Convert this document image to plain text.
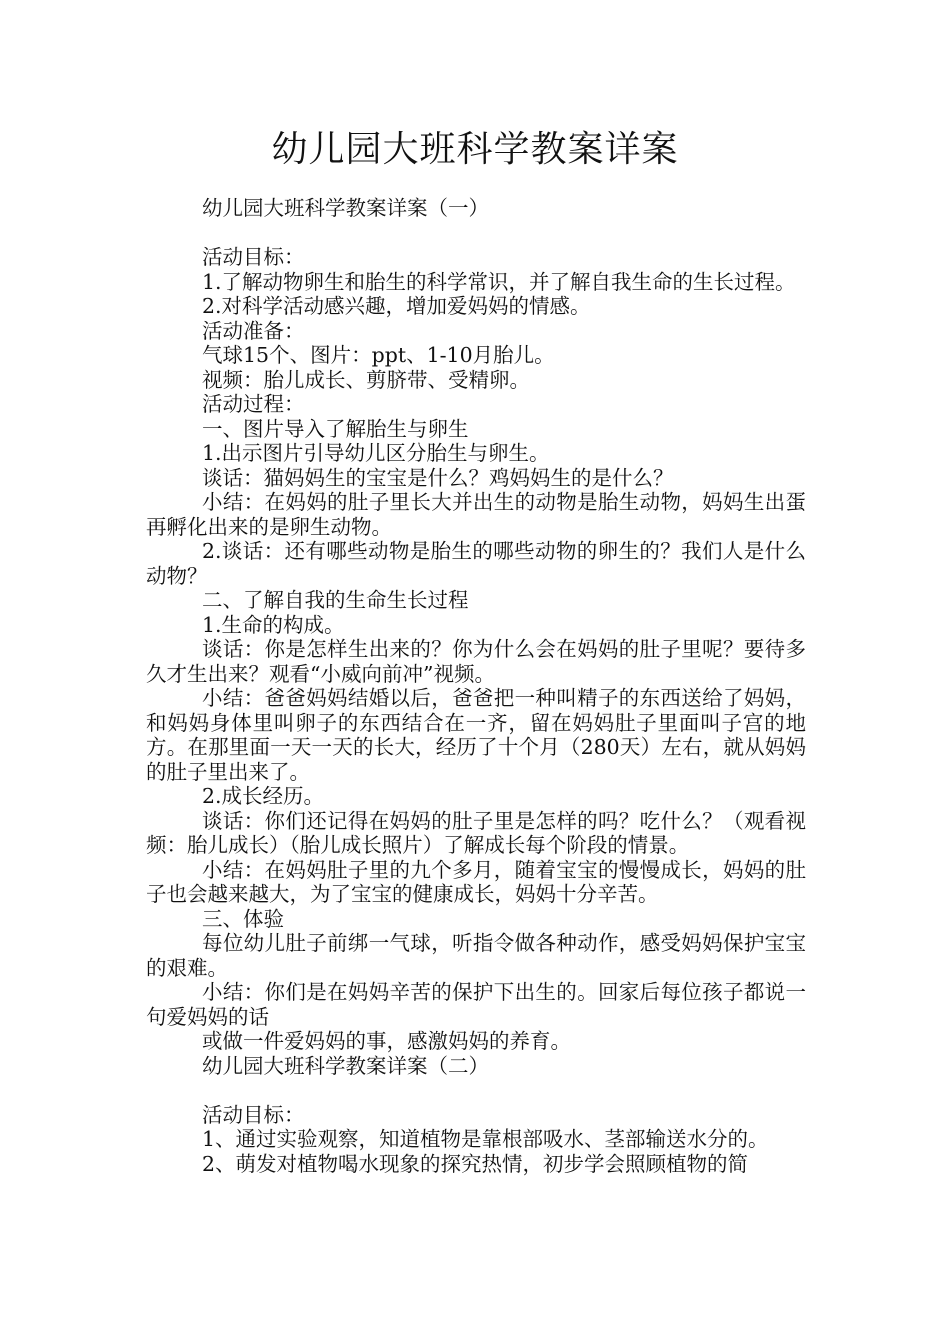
幼儿园大班科学教案详案

幼儿园大班科学教案详案（一）

活动目标：

1.了解动物卵生和胎生的科学常识，并了解自我生命的生长过程。

2.对科学活动感兴趣，增加爱妈妈的情感。

活动准备：

气球15个、图片：ppt、1-10月胎儿。

视频：胎儿成长、剪脐带、受精卵。

活动过程：

一、图片导入了解胎生与卵生

1.出示图片引导幼儿区分胎生与卵生。

谈话：猫妈妈生的宝宝是什么？鸡妈妈生的是什么？

小结：在妈妈的肚子里长大并出生的动物是胎生动物，妈妈生出蛋再孵化出来的是卵生动物。

2.谈话：还有哪些动物是胎生的哪些动物的卵生的？我们人是什么动物？

二、了解自我的生命生长过程

1.生命的构成。

谈话：你是怎样生出来的？你为什么会在妈妈的肚子里呢？要待多久才生出来？观看“小威向前冲”视频。

小结：爸爸妈妈结婚以后，爸爸把一种叫精子的东西送给了妈妈，和妈妈身体里叫卵子的东西结合在一齐，留在妈妈肚子里面叫子宫的地方。在那里面一天一天的长大，经历了十个月（280天）左右，就从妈妈的肚子里出来了。

2.成长经历。

谈话：你们还记得在妈妈的肚子里是怎样的吗？吃什么？（观看视频：胎儿成长）（胎儿成长照片）了解成长每个阶段的情景。

小结：在妈妈肚子里的九个多月，随着宝宝的慢慢成长，妈妈的肚子也会越来越大，为了宝宝的健康成长，妈妈十分辛苦。

三、体验

每位幼儿肚子前绑一气球，听指令做各种动作，感受妈妈保护宝宝的艰难。

小结：你们是在妈妈辛苦的保护下出生的。回家后每位孩子都说一句爱妈妈的话

或做一件爱妈妈的事，感激妈妈的养育。

幼儿园大班科学教案详案（二）

活动目标：

1、通过实验观察，知道植物是靠根部吸水、茎部输送水分的。

2、萌发对植物喝水现象的探究热情，初步学会照顾植物的简
